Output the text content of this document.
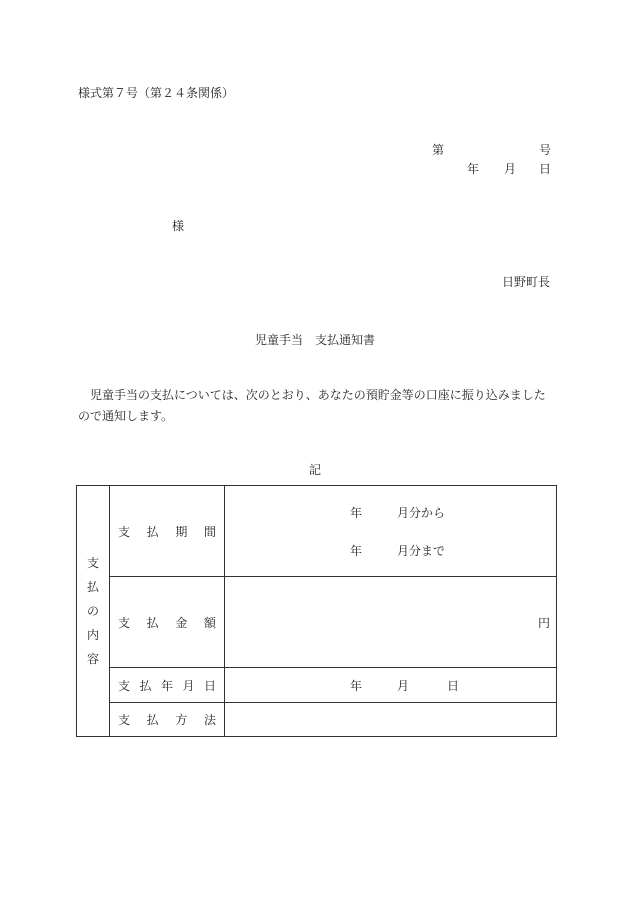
様式第７号（第２４条関係）
第	号
年 月 日
様
日野町長
児童手当　支払通知書
児童手当の支払については、次のとおり、あなたの預貯金等の口座に振り込みましたので通知します。
記
支
払
の
内
容	支 払 期 間	年 月分から
年 月分まで

	支 払 金 額	円

	支 払 年 月 日	年 月 日

	支 払 方 法	
